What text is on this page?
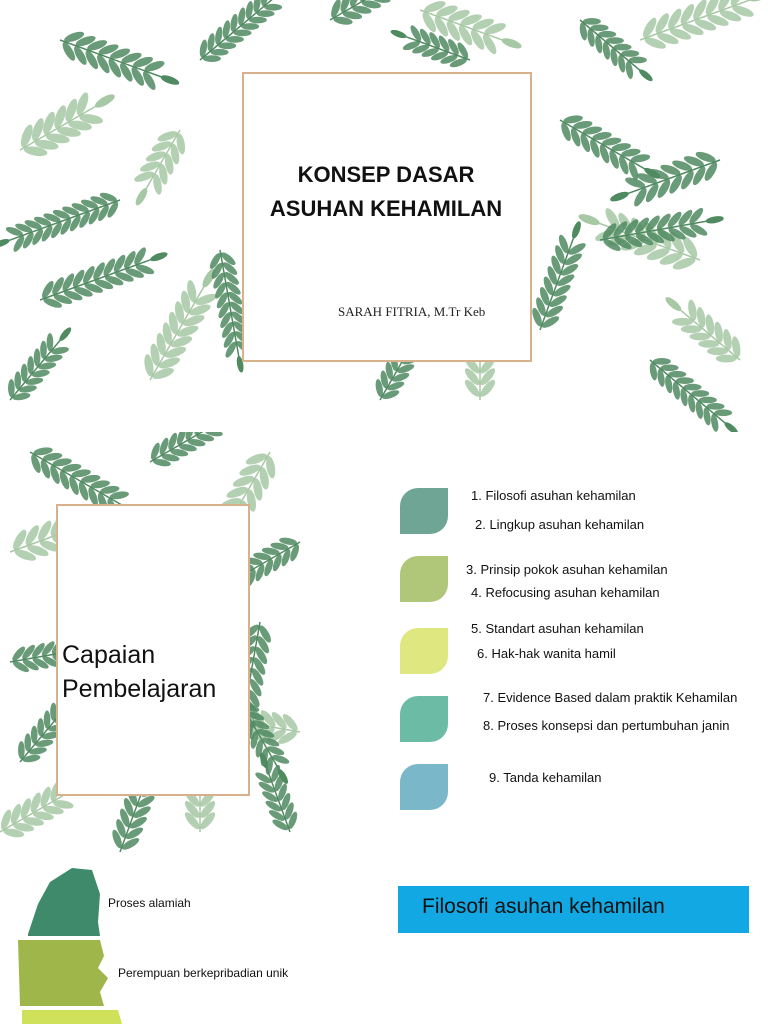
KONSEP DASAR
ASUHAN KEHAMILAN
SARAH FITRIA, M.Tr Keb
Capaian
Pembelajaran
1. Filosofi asuhan kehamilan
2. Lingkup asuhan kehamilan
3. Prinsip pokok asuhan kehamilan
4. Refocusing asuhan kehamilan
5. Standart asuhan kehamilan
6. Hak-hak wanita hamil
7. Evidence Based dalam praktik Kehamilan
8. Proses konsepsi dan pertumbuhan janin
9. Tanda kehamilan
Proses alamiah
Perempuan berkepribadian unik
Filosofi asuhan kehamilan
